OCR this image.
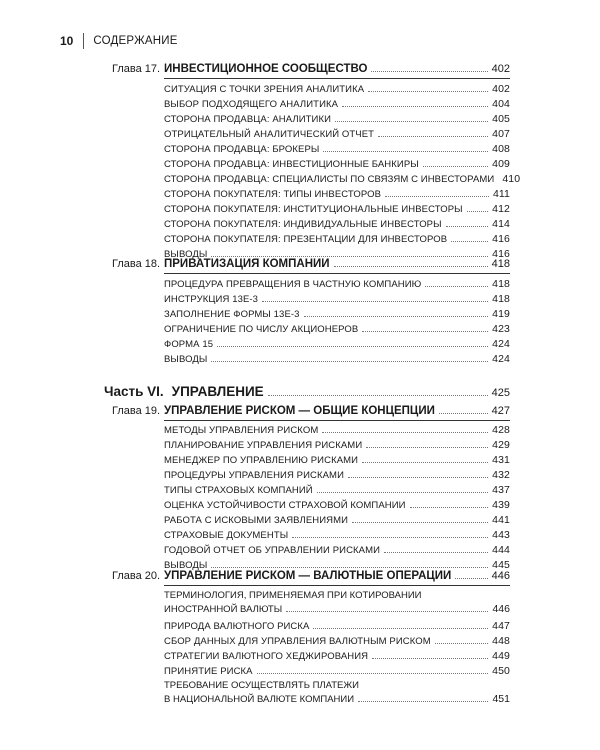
10 СОДЕРЖАНИЕ
Глава 17. ИНВЕСТИЦИОННОЕ СООБЩЕСТВО	402
СИТУАЦИЯ С ТОЧКИ ЗРЕНИЯ АНАЛИТИКА	402
ВЫБОР ПОДХОДЯЩЕГО АНАЛИТИКА	404
СТОРОНА ПРОДАВЦА: АНАЛИТИКИ	405
ОТРИЦАТЕЛЬНЫЙ АНАЛИТИЧЕСКИЙ ОТЧЕТ	407
СТОРОНА ПРОДАВЦА: БРОКЕРЫ	408
СТОРОНА ПРОДАВЦА: ИНВЕСТИЦИОННЫЕ БАНКИРЫ	409
СТОРОНА ПРОДАВЦА: СПЕЦИАЛИСТЫ ПО СВЯЗЯМ С ИНВЕСТОРАМИ 410
СТОРОНА ПОКУПАТЕЛЯ: ТИПЫ ИНВЕСТОРОВ	411
СТОРОНА ПОКУПАТЕЛЯ: ИНСТИТУЦИОНАЛЬНЫЕ ИНВЕСТОРЫ	412
СТОРОНА ПОКУПАТЕЛЯ: ИНДИВИДУАЛЬНЫЕ ИНВЕСТОРЫ	414
СТОРОНА ПОКУПАТЕЛЯ: ПРЕЗЕНТАЦИИ ДЛЯ ИНВЕСТОРОВ	416
ВЫВОДЫ	416
Глава 18. ПРИВАТИЗАЦИЯ КОМПАНИИ	418
ПРОЦЕДУРА ПРЕВРАЩЕНИЯ В ЧАСТНУЮ КОМПАНИЮ	418
ИНСТРУКЦИЯ 13E-3	418
ЗАПОЛНЕНИЕ ФОРМЫ 13E-3	419
ОГРАНИЧЕНИЕ ПО ЧИСЛУ АКЦИОНЕРОВ	423
ФОРМА 15	424
ВЫВОДЫ	424
Часть VI. УПРАВЛЕНИЕ	425
Глава 19. УПРАВЛЕНИЕ РИСКОМ — ОБЩИЕ КОНЦЕПЦИИ	427
МЕТОДЫ УПРАВЛЕНИЯ РИСКОМ	428
ПЛАНИРОВАНИЕ УПРАВЛЕНИЯ РИСКАМИ	429
МЕНЕДЖЕР ПО УПРАВЛЕНИЮ РИСКАМИ	431
ПРОЦЕДУРЫ УПРАВЛЕНИЯ РИСКАМИ	432
ТИПЫ СТРАХОВЫХ КОМПАНИЙ	437
ОЦЕНКА УСТОЙЧИВОСТИ СТРАХОВОЙ КОМПАНИИ	439
РАБОТА С ИСКОВЫМИ ЗАЯВЛЕНИЯМИ	441
СТРАХОВЫЕ ДОКУМЕНТЫ	443
ГОДОВОЙ ОТЧЕТ ОБ УПРАВЛЕНИИ РИСКАМИ	444
ВЫВОДЫ	445
Глава 20. УПРАВЛЕНИЕ РИСКОМ — ВАЛЮТНЫЕ ОПЕРАЦИИ	446
ТЕРМИНОЛОГИЯ, ПРИМЕНЯЕМАЯ ПРИ КОТИРОВАНИИ
ИНОСТРАННОЙ ВАЛЮТЫ	446
ПРИРОДА ВАЛЮТНОГО РИСКА	447
СБОР ДАННЫХ ДЛЯ УПРАВЛЕНИЯ ВАЛЮТНЫМ РИСКОМ	448
СТРАТЕГИИ ВАЛЮТНОГО ХЕДЖИРОВАНИЯ	449
ПРИНЯТИЕ РИСКА	450
ТРЕБОВАНИЕ ОСУЩЕСТВЛЯТЬ ПЛАТЕЖИ
В НАЦИОНАЛЬНОЙ ВАЛЮТЕ КОМПАНИИ	451
